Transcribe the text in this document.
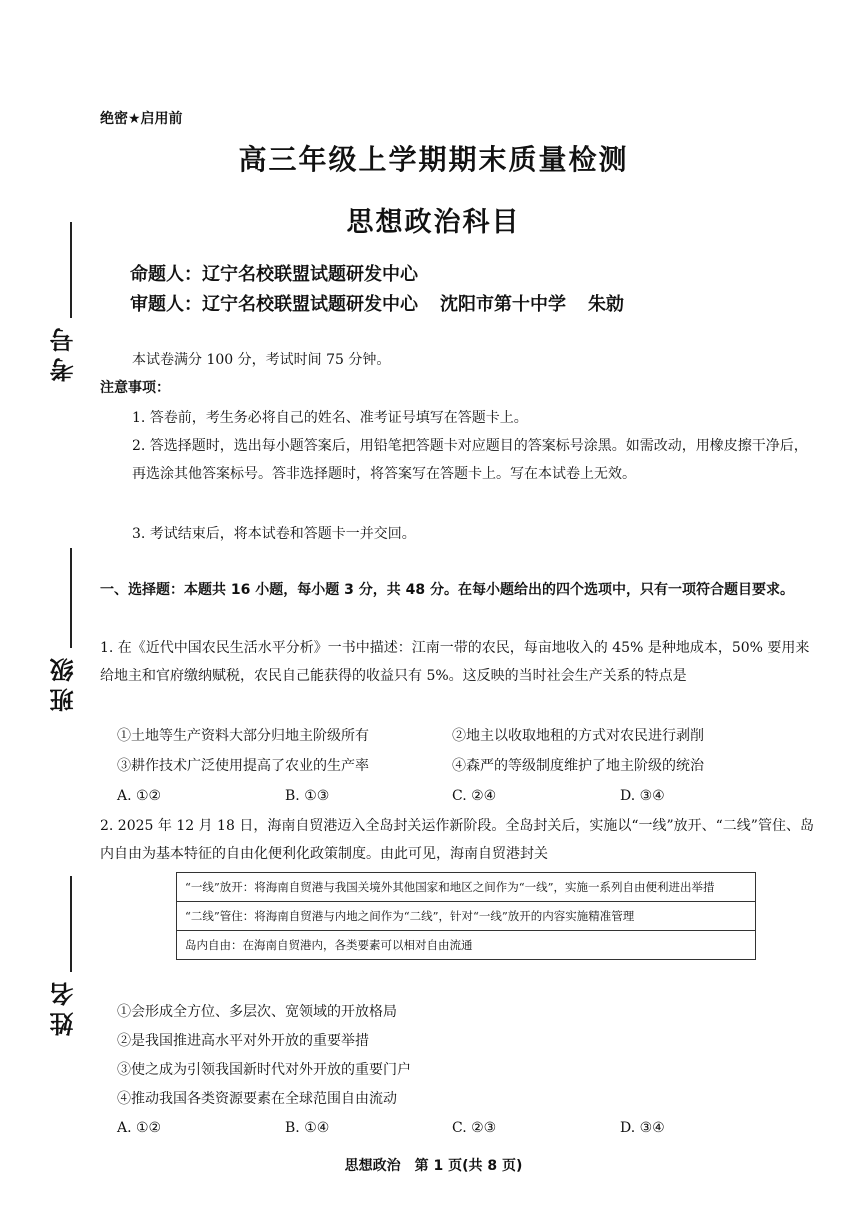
考号
班级
姓名
绝密★启用前
高三年级上学期期末质量检测
思想政治科目
命题人：辽宁名校联盟试题研发中心
审题人：辽宁名校联盟试题研发中心 沈阳市第十中学 朱勍
本试卷满分 100 分，考试时间 75 分钟。
注意事项：
1. 答卷前，考生务必将自己的姓名、准考证号填写在答题卡上。
2. 答选择题时，选出每小题答案后，用铅笔把答题卡对应题目的答案标号涂黑。如需改动，用橡皮擦干净后，再选涂其他答案标号。答非选择题时，将答案写在答题卡上。写在本试卷上无效。
3. 考试结束后，将本试卷和答题卡一并交回。
一、选择题：本题共 16 小题，每小题 3 分，共 48 分。在每小题给出的四个选项中，只有一项符合题目要求。
1. 在《近代中国农民生活水平分析》一书中描述：江南一带的农民，每亩地收入的 45% 是种地成本，50% 要用来给地主和官府缴纳赋税，农民自己能获得的收益只有 5%。这反映的当时社会生产关系的特点是
①土地等生产资料大部分归地主阶级所有	②地主以收取地租的方式对农民进行剥削
③耕作技术广泛使用提高了农业的生产率	④森严的等级制度维护了地主阶级的统治
A. ①②	B. ①③	C. ②④	D. ③④
2. 2025 年 12 月 18 日，海南自贸港迈入全岛封关运作新阶段。全岛封关后，实施以“一线”放开、“二线”管住、岛内自由为基本特征的自由化便利化政策制度。由此可见，海南自贸港封关
“一线”放开：将海南自贸港与我国关境外其他国家和地区之间作为“一线”，实施一系列自由便利进出举措
“二线”管住：将海南自贸港与内地之间作为“二线”，针对“一线”放开的内容实施精准管理
岛内自由：在海南自贸港内，各类要素可以相对自由流通
①会形成全方位、多层次、宽领域的开放格局
②是我国推进高水平对外开放的重要举措
③使之成为引领我国新时代对外开放的重要门户
④推动我国各类资源要素在全球范围自由流动
A. ①②	B. ①④	C. ②③	D. ③④
思想政治　第 1 页(共 8 页)
